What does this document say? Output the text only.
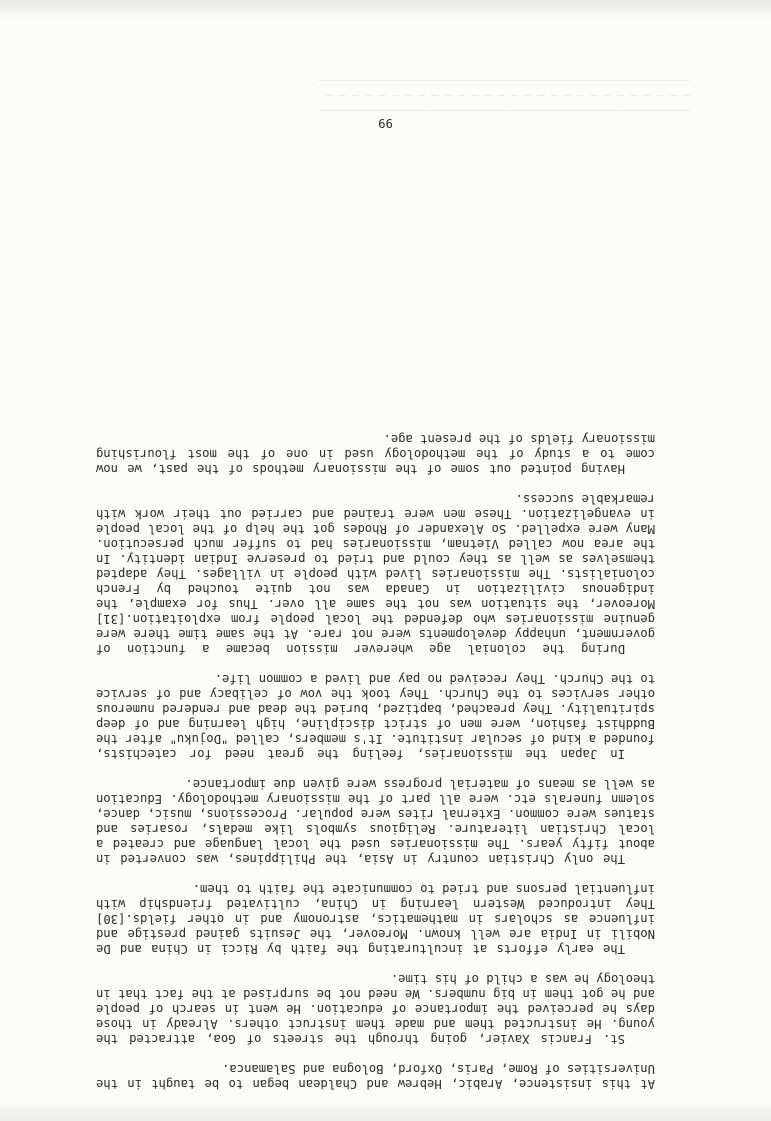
————————————————————————————————————————————————————————
— — — — — — — — — — — — — — — — — — — — — — — — — — — —
————————————————————————————————————————————————————————

At this insistence, Arabic, Hebrew and Chaldean began to be taught in the Universities of Rome, Paris, Oxford, Bologna and Salamanca.

St. Francis Xavier, going through the streets of Goa, attracted the young. He instructed them and made them instruct others. Already in those days he perceived the importance of education. He went in search of people and he got them in big numbers. We need not be surprised at the fact that in theology he was a child of his time.

The early efforts at inculturating the faith by Ricci in China and De Nobili in India are well known. Moreover, the Jesuits gained prestige and influence as scholars in mathematics, astronomy and in other fields.[30] They introduced Western learning in China, cultivated friendship with influential persons and tried to communicate the faith to them.

The only Christian country in Asia, the Philippines, was converted in about fifty years. The missionaries used the local language and created a local Christian literature. Religious symbols like medals, rosaries and statues were common. External rites were popular. Processions, music, dance, solemn funerals etc. were all part of the missionary methodology. Education as well as means of material progress were given due importance.

In Japan the missionaries, feeling the great need for catechists, founded a kind of secular institute. It's members, called "Dojuku" after the Buddhist fashion, were men of strict discipline, high learning and of deep spirituality. They preached, baptized, buried the dead and rendered numerous other services to the Church. They took the vow of celibacy and of service to the Church. They received no pay and lived a common life.

During the colonial age wherever mission became a function of government, unhappy developments were not rare. At the same time there were genuine missionaries who defended the local people from exploitation.[31] Moreover, the situation was not the same all over. Thus for example, the indigenous civilization in Canada was not quite touched by French colonialists. The missionaries lived with people in villages. They adapted themselves as well as they could and tried to preserve Indian identity. In the area now called Vietnam, missionaries had to suffer much persecution. Many were expelled. So Alexander of Rhodes got the help of the local people in evangelization. These men were trained and carried out their work with remarkable success.

Having pointed out some of the missionary methods of the past, we now come to a study of the methodology used in one of the most flourishing missionary fields of the present age.

99
